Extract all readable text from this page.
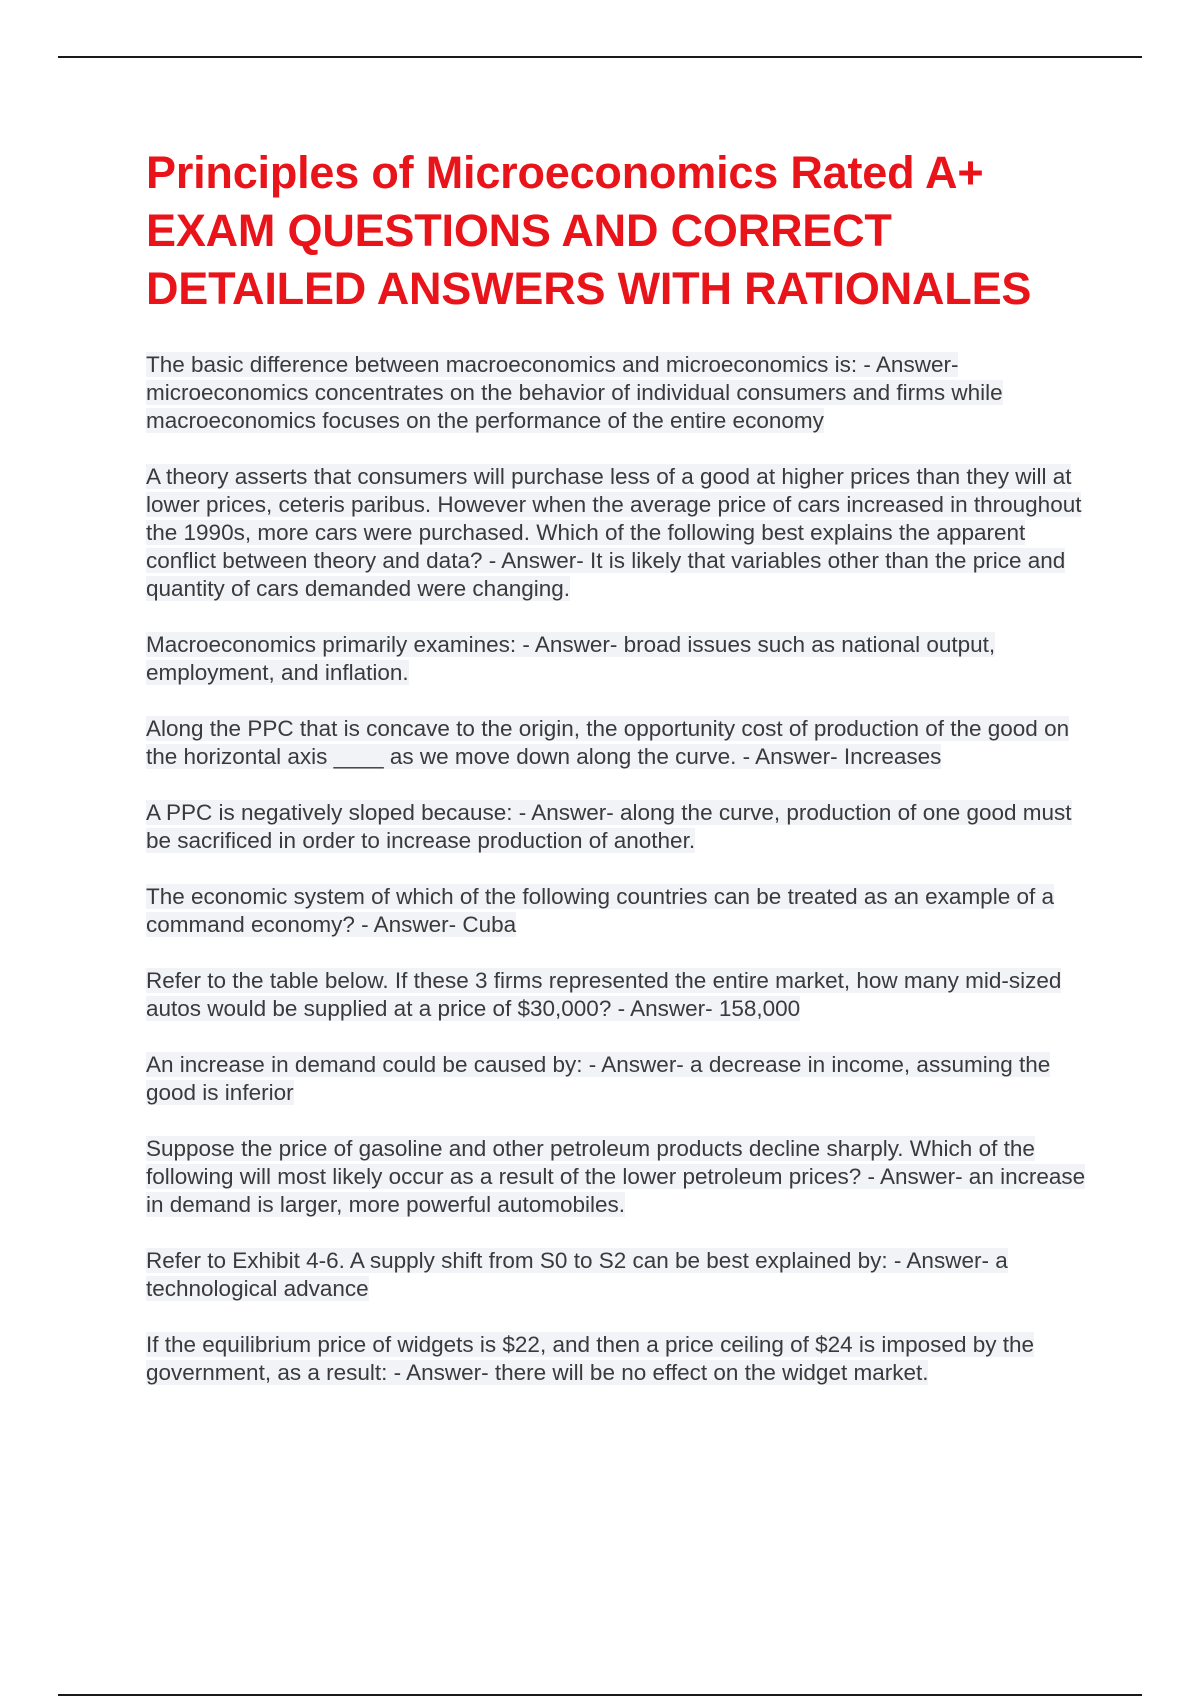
Principles of Microeconomics Rated A+ EXAM QUESTIONS AND CORRECT DETAILED ANSWERS WITH RATIONALES

The basic difference between macroeconomics and microeconomics is: - Answer- microeconomics concentrates on the behavior of individual consumers and firms while macroeconomics focuses on the performance of the entire economy

A theory asserts that consumers will purchase less of a good at higher prices than they will at lower prices, ceteris paribus. However when the average price of cars increased in throughout the 1990s, more cars were purchased. Which of the following best explains the apparent conflict between theory and data? - Answer- It is likely that variables other than the price and quantity of cars demanded were changing.

Macroeconomics primarily examines: - Answer- broad issues such as national output, employment, and inflation.

Along the PPC that is concave to the origin, the opportunity cost of production of the good on the horizontal axis ____ as we move down along the curve. - Answer- Increases

A PPC is negatively sloped because: - Answer- along the curve, production of one good must be sacrificed in order to increase production of another.

The economic system of which of the following countries can be treated as an example of a command economy? - Answer- Cuba

Refer to the table below. If these 3 firms represented the entire market, how many mid-sized autos would be supplied at a price of $30,000? - Answer- 158,000

An increase in demand could be caused by: - Answer- a decrease in income, assuming the good is inferior

Suppose the price of gasoline and other petroleum products decline sharply. Which of the following will most likely occur as a result of the lower petroleum prices? - Answer- an increase in demand is larger, more powerful automobiles.

Refer to Exhibit 4-6. A supply shift from S0 to S2 can be best explained by: - Answer- a technological advance

If the equilibrium price of widgets is $22, and then a price ceiling of $24 is imposed by the government, as a result: - Answer- there will be no effect on the widget market.
